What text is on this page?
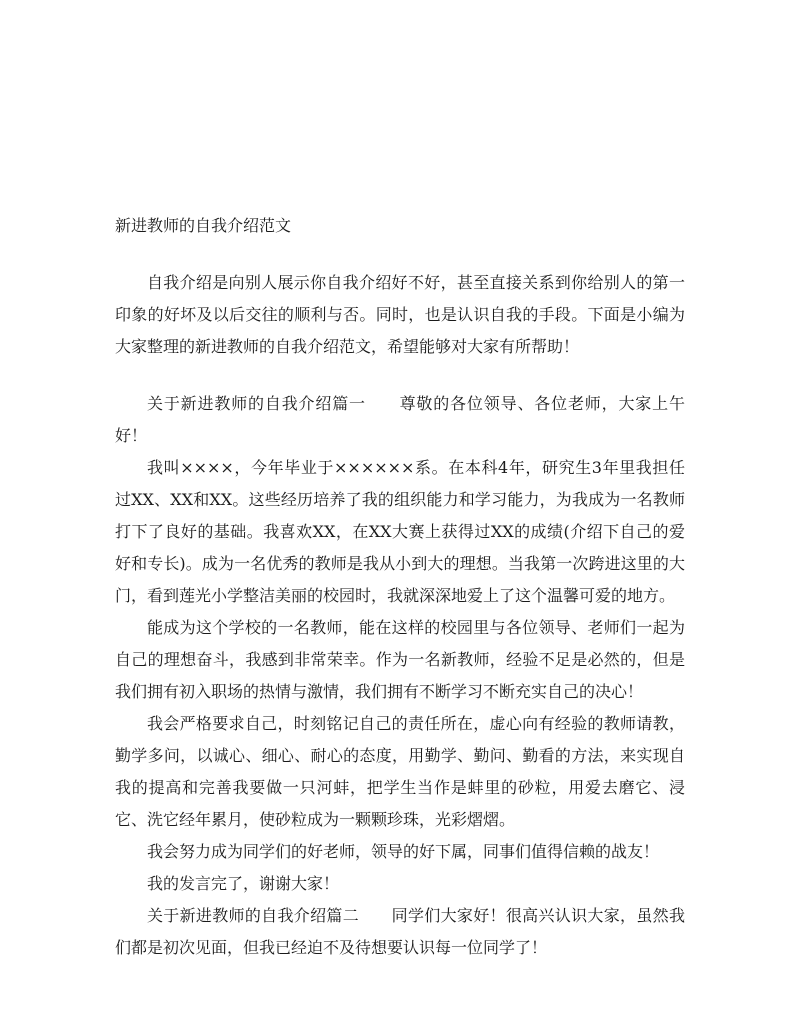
新进教师的自我介绍范文

自我介绍是向别人展示你自我介绍好不好，甚至直接关系到你给别人的第一印象的好坏及以后交往的顺利与否。同时，也是认识自我的手段。下面是小编为大家整理的新进教师的自我介绍范文，希望能够对大家有所帮助！

关于新进教师的自我介绍篇一　　尊敬的各位领导、各位老师，大家上午好！

我叫××××，今年毕业于××××××系。在本科4年，研究生3年里我担任过XX、XX和XX。这些经历培养了我的组织能力和学习能力，为我成为一名教师打下了良好的基础。我喜欢XX，在XX大赛上获得过XX的成绩(介绍下自己的爱好和专长)。成为一名优秀的教师是我从小到大的理想。当我第一次跨进这里的大门，看到莲光小学整洁美丽的校园时，我就深深地爱上了这个温馨可爱的地方。

能成为这个学校的一名教师，能在这样的校园里与各位领导、老师们一起为自己的理想奋斗，我感到非常荣幸。作为一名新教师，经验不足是必然的，但是我们拥有初入职场的热情与激情，我们拥有不断学习不断充实自己的决心！

我会严格要求自己，时刻铭记自己的责任所在，虚心向有经验的教师请教，勤学多问，以诚心、细心、耐心的态度，用勤学、勤问、勤看的方法，来实现自我的提高和完善我要做一只河蚌，把学生当作是蚌里的砂粒，用爱去磨它、浸它、洗它经年累月，使砂粒成为一颗颗珍珠，光彩熠熠。

我会努力成为同学们的好老师，领导的好下属，同事们值得信赖的战友！

我的发言完了，谢谢大家！

关于新进教师的自我介绍篇二　　同学们大家好！很高兴认识大家，虽然我们都是初次见面，但我已经迫不及待想要认识每一位同学了！
